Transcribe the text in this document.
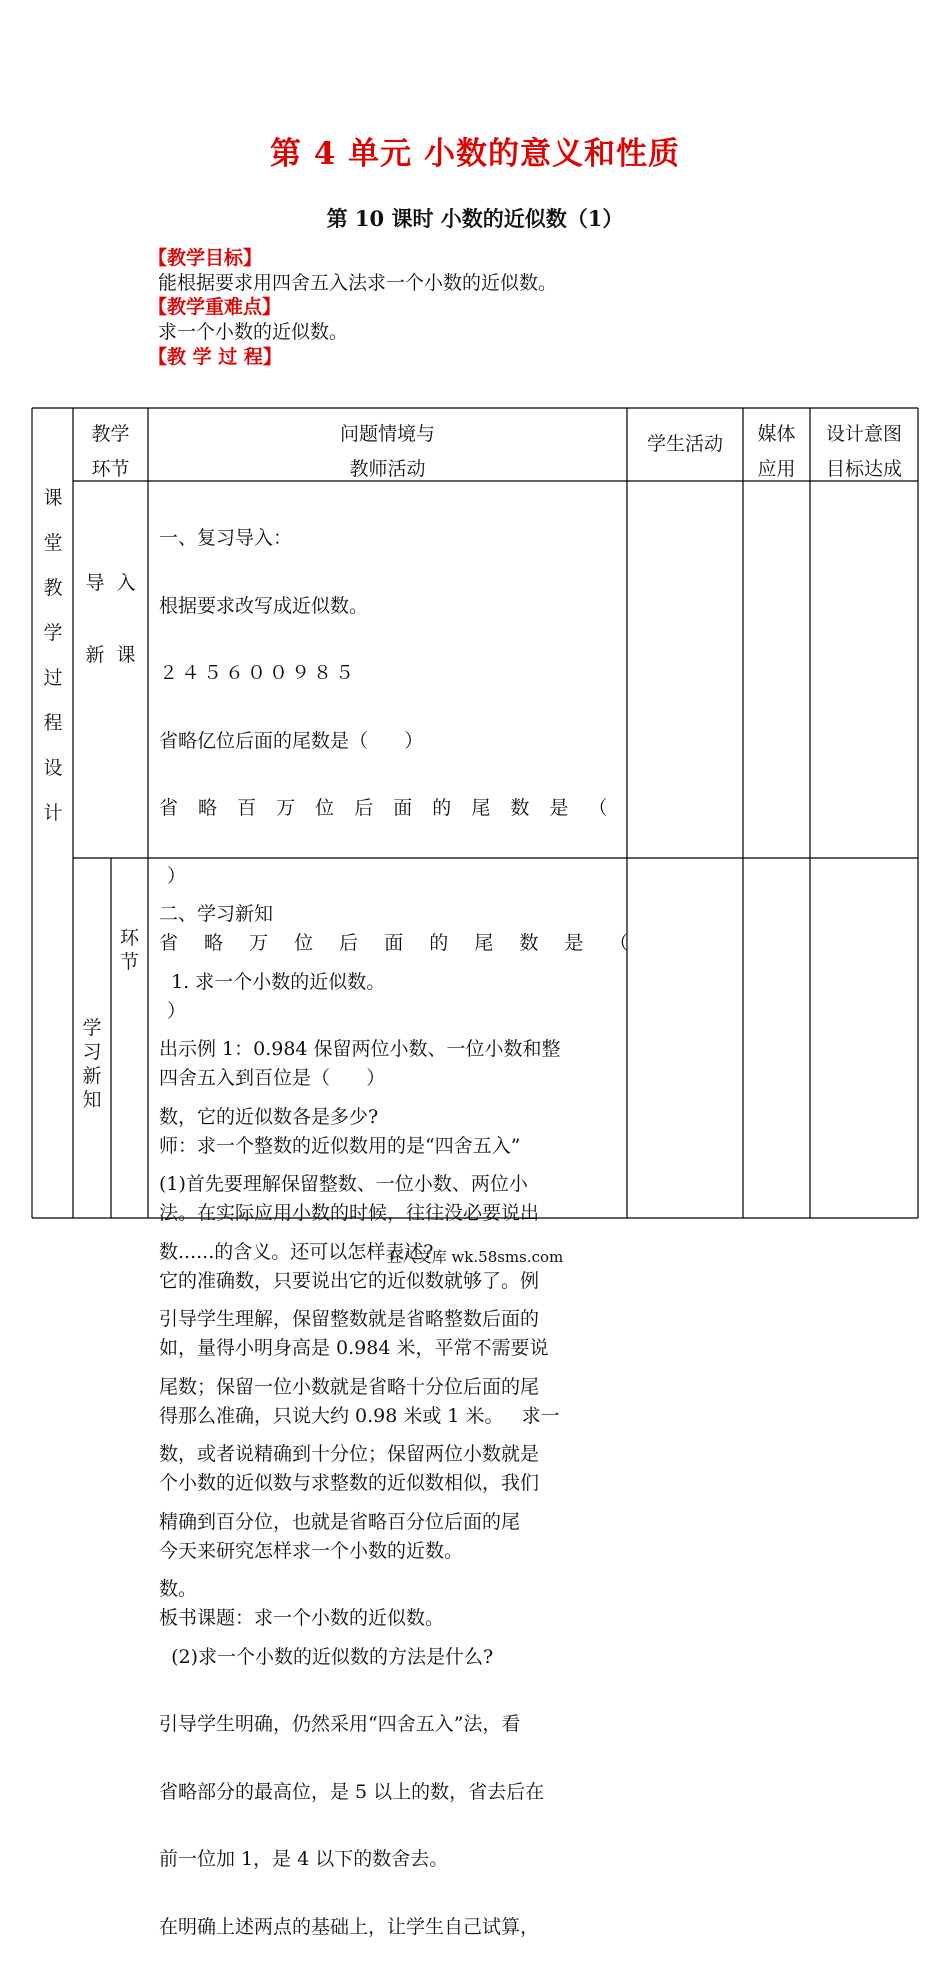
第 4 单元 小数的意义和性质
第 10 课时 小数的近似数（1）
【教学目标】
能根据要求用四舍五入法求一个小数的近似数。
【教学重难点】
求一个小数的近似数。
【教 学 过 程】
课
堂
教
学
过
程
设
计
教学
环节
问题情境与
教师活动
学生活动	媒体
应用
设计意图
目标达成

导  入

新  课

一、复习导入：

根据要求改写成近似数。

２４５６００９８５

省略亿位后面的尾数是（      ）

省 略 百 万 位 后 面 的 尾 数 是 （

）

省 略 万 位 后 面 的 尾 数 是 （

）

四舍五入到百位是（      ）

师：求一个整数的近似数用的是“四舍五入”

法。在实际应用小数的时候，往往没必要说出

它的准确数，只要说出它的近似数就够了。例

如，量得小明身高是 0.984 米，平常不需要说

得那么准确，只说大约 0.98 米或 1 米。   求一

个小数的近似数与求整数的近似数相似，我们

今天来研究怎样求一个小数的近数。

板书课题：求一个小数的近似数。

学
习
新
知
环
节

二、学习新知

1. 求一个小数的近似数。

出示例 1：0.984 保留两位小数、一位小数和整

数，它的近似数各是多少?

(1)首先要理解保留整数、一位小数、两位小

数......的含义。还可以怎样表述?

引导学生理解，保留整数就是省略整数后面的

尾数；保留一位小数就是省略十分位后面的尾

数，或者说精确到十分位；保留两位小数就是

精确到百分位，也就是省略百分位后面的尾

数。

(2)求一个小数的近似数的方法是什么?

引导学生明确，仍然采用“四舍五入”法，看

省略部分的最高位，是 5 以上的数，省去后在

前一位加 1，是 4 以下的数舍去。

在明确上述两点的基础上，让学生自己试算，

五八文库 wk.58sms.com
